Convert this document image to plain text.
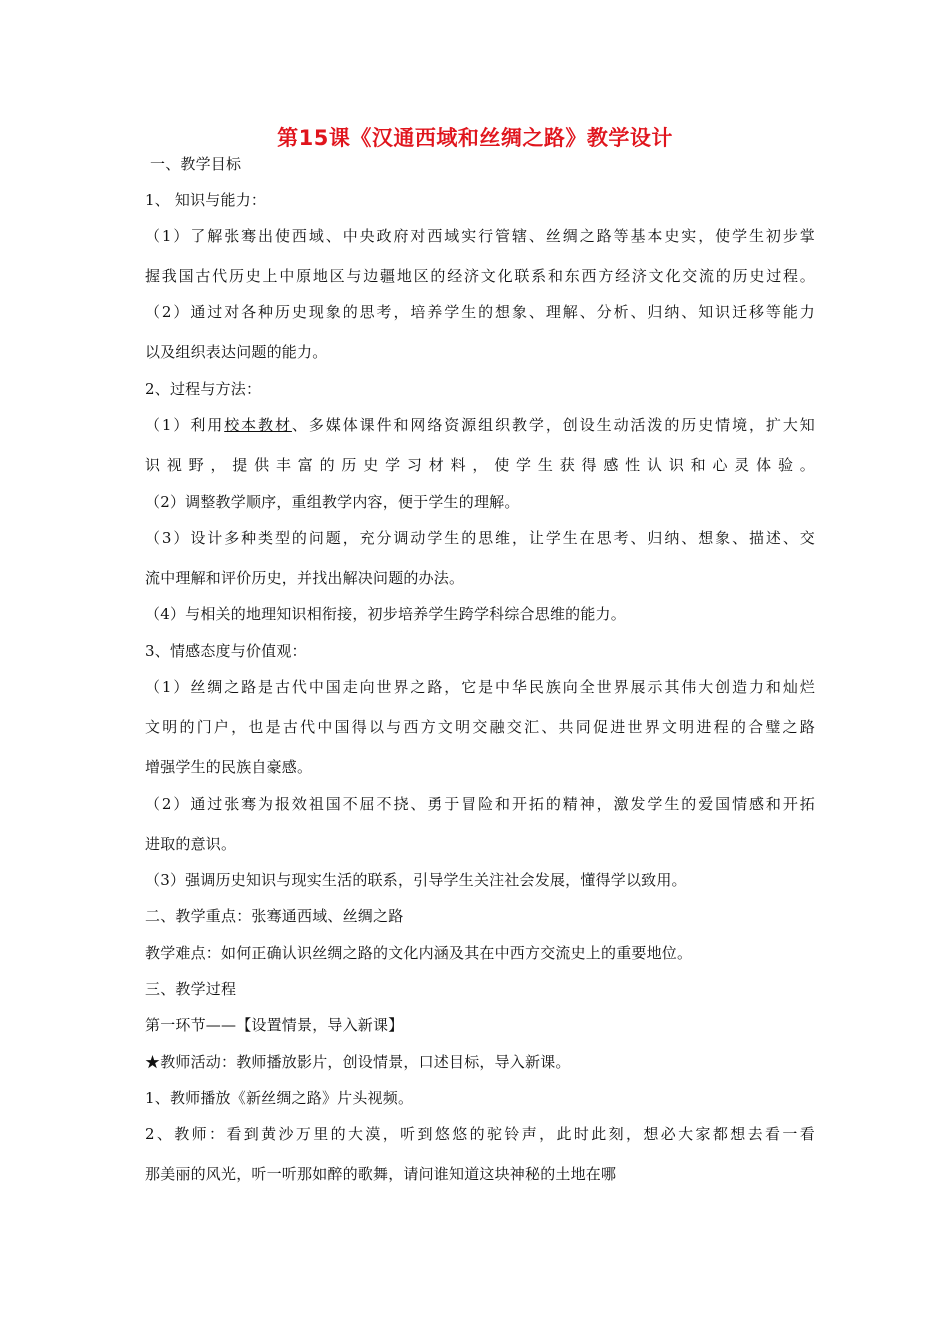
第15课《汉通西域和丝绸之路》教学设计
一、教学目标
1、 知识与能力：
（1）了解张骞出使西域、中央政府对西域实行管辖、丝绸之路等基本史实，使学生初步掌
握我国古代历史上中原地区与边疆地区的经济文化联系和东西方经济文化交流的历史过程。
（2）通过对各种历史现象的思考，培养学生的想象、理解、分析、归纳、知识迁移等能力
以及组织表达问题的能力。
2、过程与方法：
（1）利用校本教材、多媒体课件和网络资源组织教学，创设生动活泼的历史情境，扩大知
识视野，提供丰富的历史学习材料，使学生获得感性认识和心灵体验。
（2）调整教学顺序，重组教学内容，便于学生的理解。
（3）设计多种类型的问题，充分调动学生的思维，让学生在思考、归纳、想象、描述、交
流中理解和评价历史，并找出解决问题的办法。
（4）与相关的地理知识相衔接，初步培养学生跨学科综合思维的能力。
3、情感态度与价值观：
（1）丝绸之路是古代中国走向世界之路，它是中华民族向全世界展示其伟大创造力和灿烂
文明的门户，也是古代中国得以与西方文明交融交汇、共同促进世界文明进程的合璧之路
增强学生的民族自豪感。
（2）通过张骞为报效祖国不屈不挠、勇于冒险和开拓的精神，激发学生的爱国情感和开拓
进取的意识。
（3）强调历史知识与现实生活的联系，引导学生关注社会发展，懂得学以致用。
二、教学重点：张骞通西域、丝绸之路
教学难点：如何正确认识丝绸之路的文化内涵及其在中西方交流史上的重要地位。
三、教学过程
第一环节——【设置情景，导入新课】
★教师活动：教师播放影片，创设情景，口述目标，导入新课。
1、教师播放《新丝绸之路》片头视频。
2、教师：看到黄沙万里的大漠，听到悠悠的驼铃声，此时此刻，想必大家都想去看一看
那美丽的风光，听一听那如醉的歌舞，请问谁知道这块神秘的土地在哪
